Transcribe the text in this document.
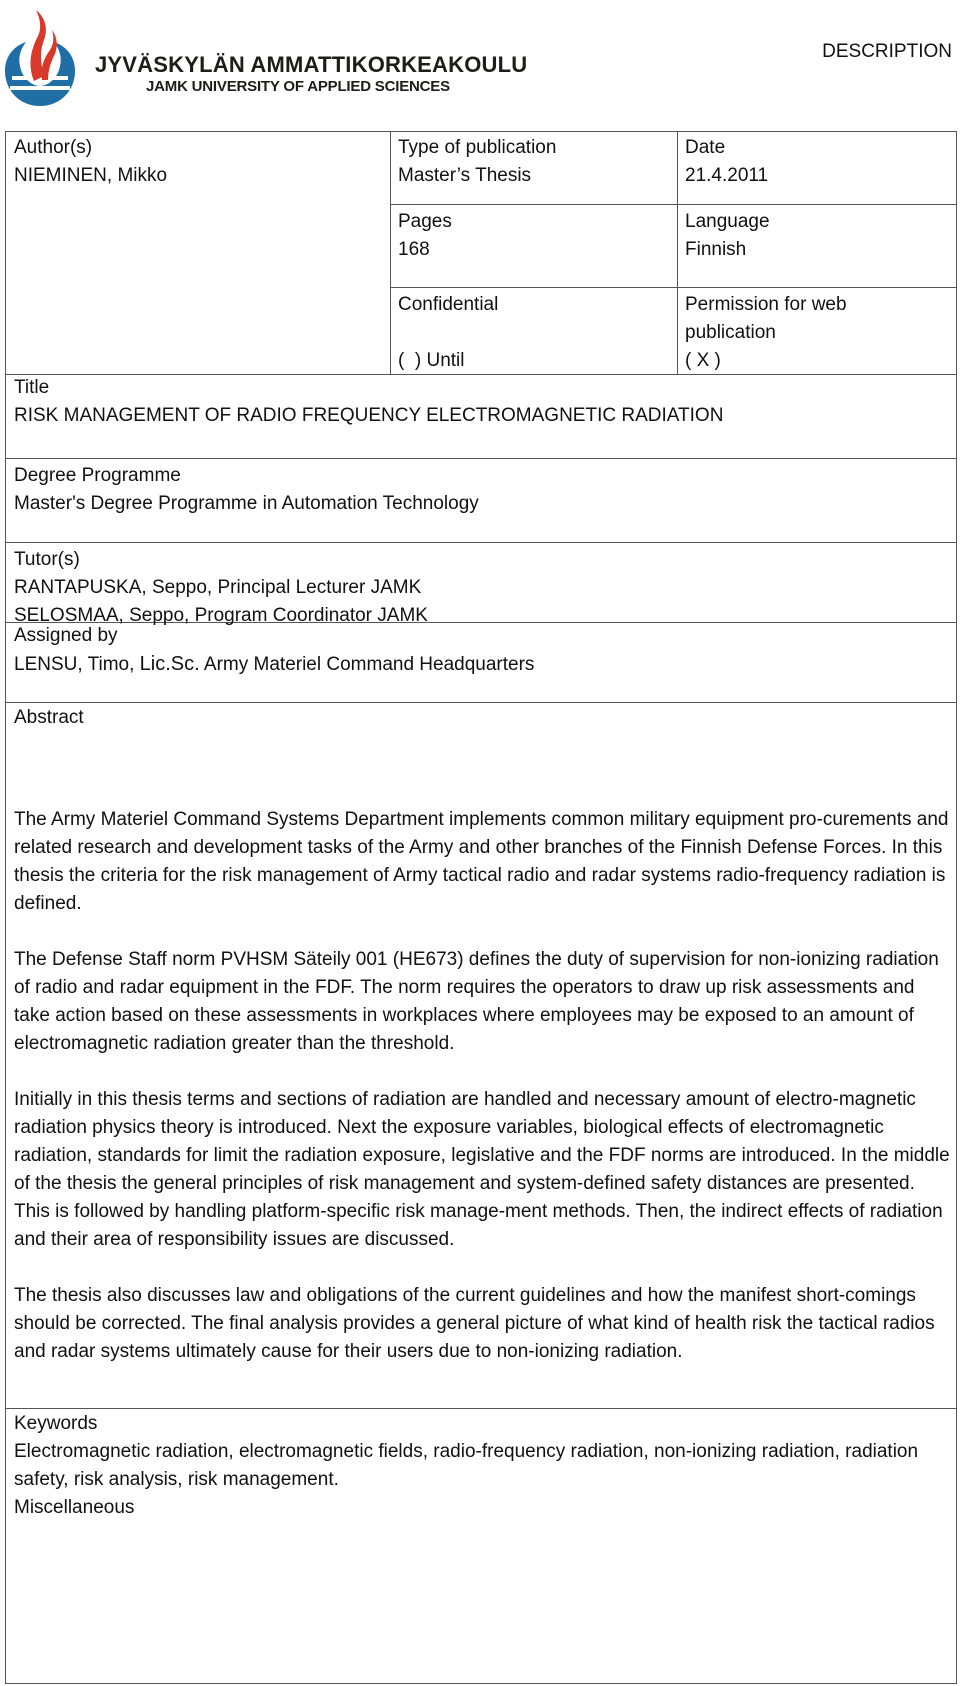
JYVÄSKYLÄN AMMATTIKORKEAKOULU
JAMK UNIVERSITY OF APPLIED SCIENCES
DESCRIPTION
Author(s)
NIEMINEN, Mikko
Type of publication
Master’s Thesis
Date
21.4.2011
Pages
168
Language
Finnish
Confidential
(  ) Until
Permission for web
publication
( X )
Title
RISK MANAGEMENT OF RADIO FREQUENCY ELECTROMAGNETIC RADIATION
Degree Programme
Master's Degree Programme in Automation Technology
Tutor(s)
RANTAPUSKA, Seppo, Principal Lecturer JAMK
SELOSMAA, Seppo, Program Coordinator JAMK
Assigned by
LENSU, Timo, Lic.Sc. Army Materiel Command Headquarters
Abstract

The Army Materiel Command Systems Department implements common military equipment pro-curements and related research and development tasks of the Army and other branches of the Finnish Defense Forces. In this thesis the criteria for the risk management of Army tactical radio and radar systems radio-frequency radiation is defined.

The Defense Staff norm PVHSM Säteily 001 (HE673) defines the duty of supervision for non-ionizing radiation of radio and radar equipment in the FDF. The norm requires the operators to draw up risk assessments and take action based on these assessments in workplaces where employees may be exposed to an amount of electromagnetic radiation greater than the threshold.

Initially in this thesis terms and sections of radiation are handled and necessary amount of electro-magnetic radiation physics theory is introduced. Next the exposure variables, biological effects of electromagnetic radiation, standards for limit the radiation exposure, legislative and the FDF norms are introduced. In the middle of the thesis the general principles of risk management and system-defined safety distances are presented. This is followed by handling platform-specific risk manage-ment methods. Then, the indirect effects of radiation and their area of responsibility issues are discussed.

The thesis also discusses law and obligations of the current guidelines and how the manifest short-comings should be corrected. The final analysis provides a general picture of what kind of health risk the tactical radios and radar systems ultimately cause for their users due to non-ionizing radiation.

Keywords
Electromagnetic radiation, electromagnetic fields, radio-frequency radiation, non-ionizing radiation, radiation safety, risk analysis, risk management.
Miscellaneous
